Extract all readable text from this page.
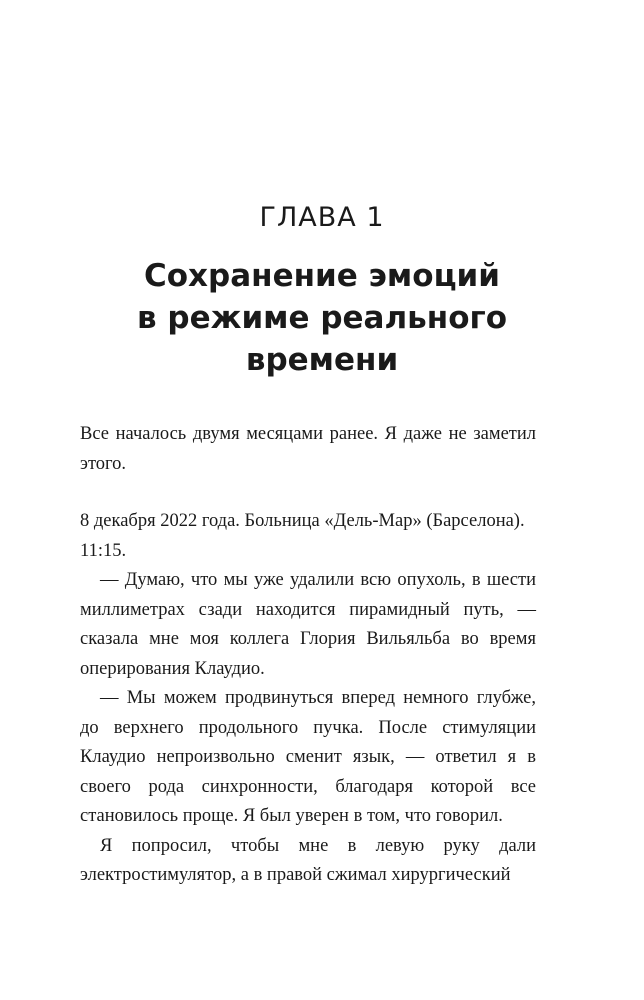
ГЛАВА 1
Сохранение эмоций
в режиме реального
времени

Все началось двумя месяцами ранее. Я даже не заметил этого.

8 декабря 2022 года. Больница «Дель-Мар» (Барселона). 11:15.

— Думаю, что мы уже удалили всю опухоль, в шести миллиметрах сзади находится пирамидный путь, — сказала мне моя коллега Глория Вильяльба во время оперирования Клаудио.

— Мы можем продвинуться вперед немного глубже, до верхнего продольного пучка. После стимуляции Клаудио непроизвольно сменит язык, — ответил я в своего рода синхронности, благодаря которой все становилось проще. Я был уверен в том, что говорил.

Я попросил, чтобы мне в левую руку дали электростимулятор, а в правой сжимал хирургический
